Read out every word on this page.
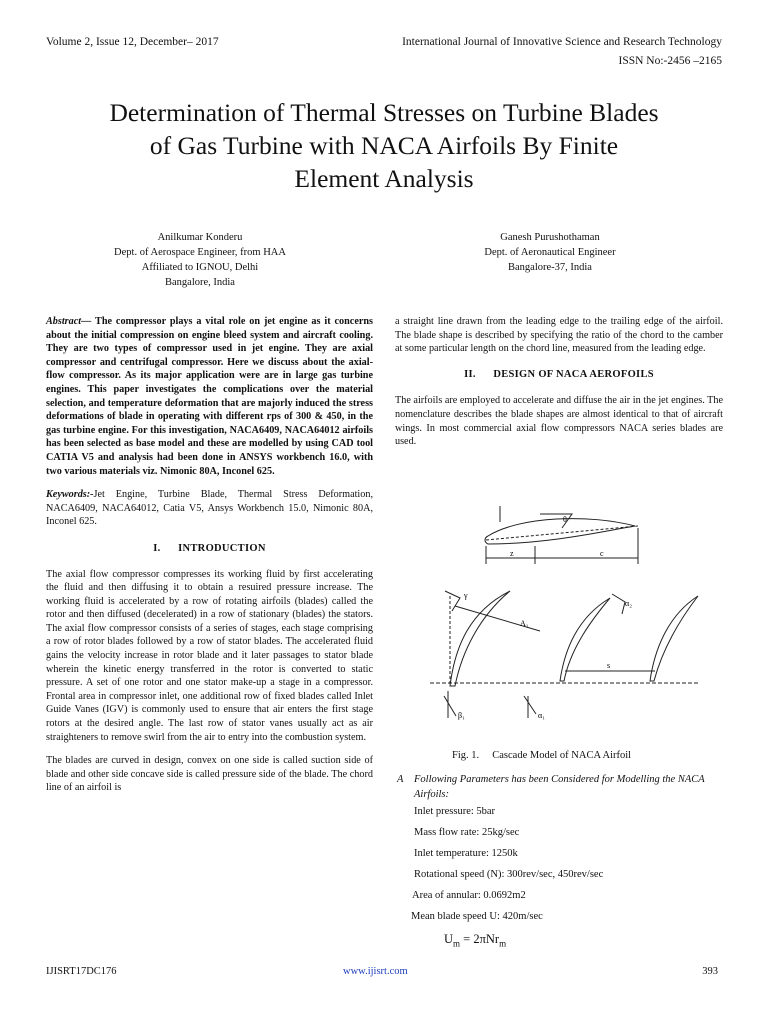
Volume 2, Issue 12, December– 2017	International Journal of Innovative Science and Research Technology
ISSN No:-2456 –2165
Determination of Thermal Stresses on Turbine Blades
of Gas Turbine with NACA Airfoils By Finite
Element Analysis
Anilkumar Konderu
Dept. of Aerospace Engineer, from HAA
Affiliated to IGNOU, Delhi
Bangalore, India
Ganesh Purushothaman
Dept. of Aeronautical Engineer
Bangalore-37, India

Abstract— The compressor plays a vital role on jet engine as it concerns about the initial compression on engine bleed system and aircraft cooling. They are two types of compressor used in jet engine. They are axial compressor and centrifugal compressor. Here we discuss about the axial-flow compressor. As its major application were are in large gas turbine engines. This paper investigates the complications over the material selection, and temperature deformation that are majorly induced the stress deformations of blade in operating with different rps of 300 & 450, in the gas turbine engine. For this investigation, NACA6409, NACA64012 airfoils has been selected as base model and these are modelled by using CAD tool CATIA V5 and analysis had been done in ANSYS workbench 16.0, with two various materials viz. Nimonic 80A, Inconel 625.

Keywords:-Jet Engine, Turbine Blade, Thermal Stress Deformation, NACA6409, NACA64012, Catia V5, Ansys Workbench 15.0, Nimonic 80A, Inconel 625.

I.      INTRODUCTION

The axial flow compressor compresses its working fluid by first accelerating the fluid and then diffusing it to obtain a resuired pressure increase. The working fluid is accelerated by a row of rotating airfoils (blades) called the rotor and then diffused (decelerated) in a row of stationary (blades) the stators. The axial flow compressor consists of a series of stages, each stage comprising a row of rotor blades followed by a row of stator blades. The accelerated fluid gains the velocity increase in rotor blade and it later passages to stator blade wherein the kinetic energy transferred in the rotor is converted to static pressure. A set of one rotor and one stator make-up a stage in a compressor. Frontal area in compressor inlet, one additional row of fixed blades called Inlet Guide Vanes (IGV) is commonly used to ensure that air enters the first stage rotors at the desired angle. The last row of stator vanes usually act as air straighteners to remove swirl from the air to entry into the combustion system.

The blades are curved in design, convex on one side is called suction side of blade and other side concave side is called pressure side of the blade. The chord line of an airfoil is

a straight line drawn from the leading edge to the trailing edge of the airfoil. The blade shape is described by specifying the ratio of the chord to the camber at some particular length on the chord line, measured from the leading edge.

II.      DESIGN OF NACA AEROFOILS

The airfoils are employed to accelerate and diffuse the air in the jet engines. The nomenclature describes the blade shapes are almost identical to that of aircraft wings. In most commercial axial flow compressors NACA series blades are used.

θ
z	c
γ
A₁
s
β₁	α₁
α₂
Fig. 1.     Cascade Model of NACA Airfoil
A Following Parameters has been Considered for Modelling the NACA Airfoils:
Inlet pressure: 5bar
Mass flow rate: 25kg/sec
Inlet temperature: 1250k
Rotational speed (N): 300rev/sec, 450rev/sec
Area of annular: 0.0692m2
Mean blade speed U: 420m/sec
$U_m = 2\pi Nr_m$
IJISRT17DC176	www.ijisrt.com	393
